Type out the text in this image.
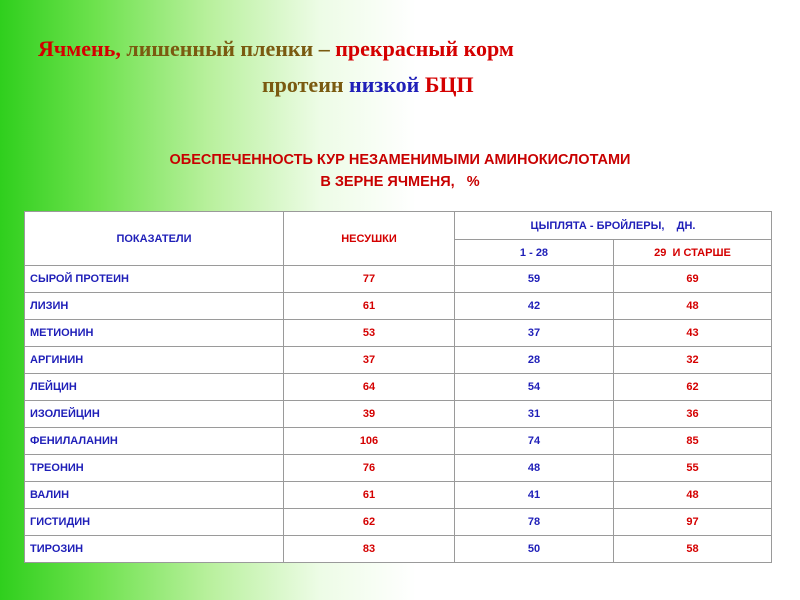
Ячмень, лишенный пленки – прекрасный корм
протеин низкой БЦП
ОБЕСПЕЧЕННОСТЬ КУР НЕЗАМЕНИМЫМИ АМИНОКИСЛОТАМИ
В ЗЕРНЕ ЯЧМЕНЯ,   %
ПОКАЗАТЕЛИ	НЕСУШКИ	ЦЫПЛЯТА - БРОЙЛЕРЫ,    ДН.	
		1 - 28	29  И СТАРШЕ
СЫРОЙ ПРОТЕИН	77	59	69
ЛИЗИН	61	42	48
МЕТИОНИН	53	37	43
АРГИНИН	37	28	32
ЛЕЙЦИН	64	54	62
ИЗОЛЕЙЦИН	39	31	36
ФЕНИЛАЛАНИН	106	74	85
ТРЕОНИН	76	48	55
ВАЛИН	61	41	48
ГИСТИДИН	62	78	97
ТИРОЗИН	83	50	58
